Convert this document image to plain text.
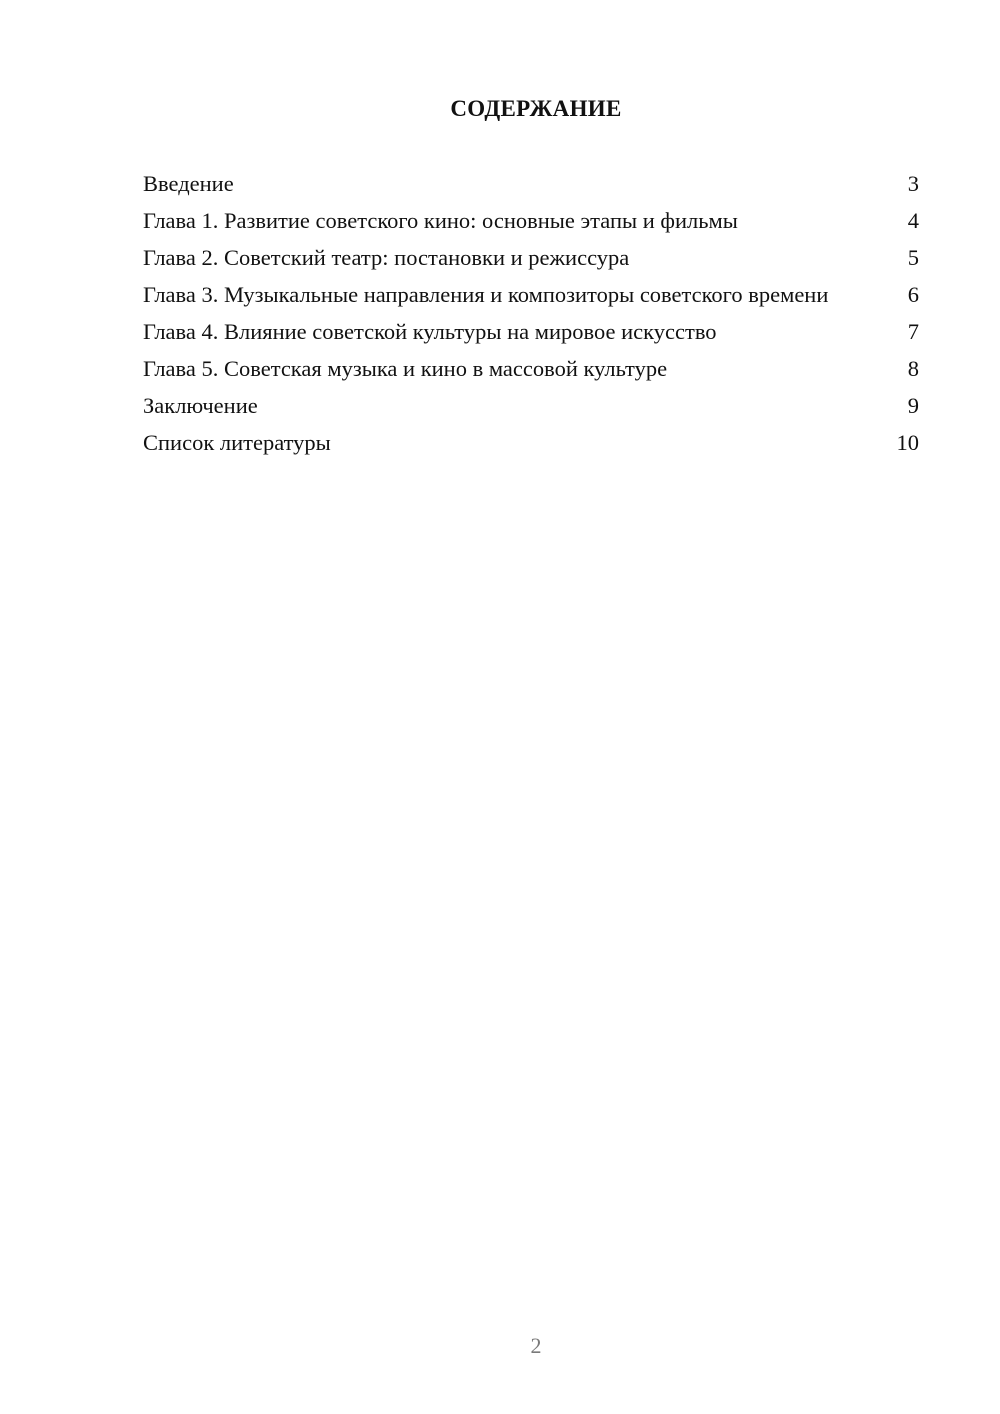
СОДЕРЖАНИЕ
Введение	3
Глава 1. Развитие советского кино: основные этапы и фильмы	4
Глава 2. Советский театр: постановки и режиссура	5
Глава 3. Музыкальные направления и композиторы советского времени	6
Глава 4. Влияние советской культуры на мировое искусство	7
Глава 5. Советская музыка и кино в массовой культуре	8
Заключение	9
Список литературы	10
2
